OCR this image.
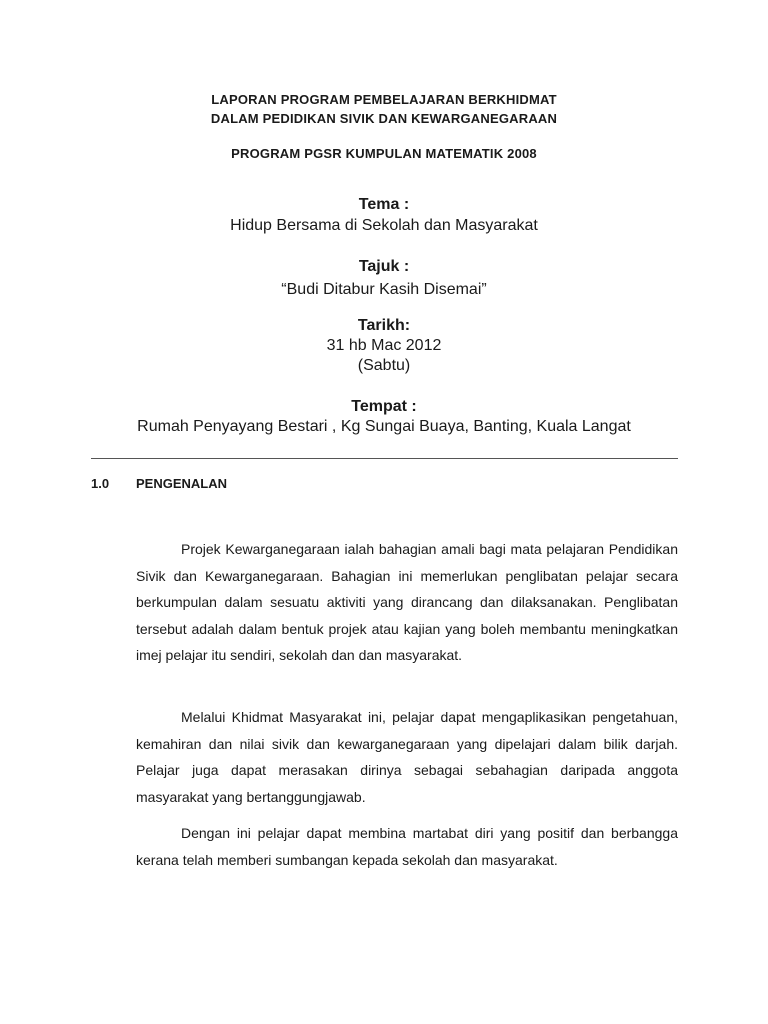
LAPORAN PROGRAM PEMBELAJARAN BERKHIDMAT
DALAM PEDIDIKAN SIVIK DAN KEWARGANEGARAAN
PROGRAM PGSR KUMPULAN MATEMATIK 2008
Tema :
Hidup Bersama di Sekolah dan Masyarakat
Tajuk :
“Budi Ditabur Kasih Disemai”
Tarikh:
31 hb Mac 2012
(Sabtu)
Tempat :
Rumah Penyayang Bestari , Kg Sungai Buaya, Banting, Kuala Langat
1.0 PENGENALAN
Projek Kewarganegaraan ialah bahagian amali bagi mata pelajaran Pendidikan Sivik dan Kewarganegaraan. Bahagian ini memerlukan penglibatan pelajar secara berkumpulan dalam sesuatu aktiviti yang dirancang dan dilaksanakan. Penglibatan tersebut adalah dalam bentuk projek atau kajian yang boleh membantu meningkatkan imej pelajar itu sendiri, sekolah dan dan masyarakat.
Melalui Khidmat Masyarakat ini, pelajar dapat mengaplikasikan pengetahuan, kemahiran dan nilai sivik dan kewarganegaraan yang dipelajari dalam bilik darjah. Pelajar juga dapat merasakan dirinya sebagai sebahagian daripada anggota masyarakat yang bertanggungjawab.
Dengan ini pelajar dapat membina martabat diri yang positif dan berbangga kerana telah memberi sumbangan kepada sekolah dan masyarakat.
